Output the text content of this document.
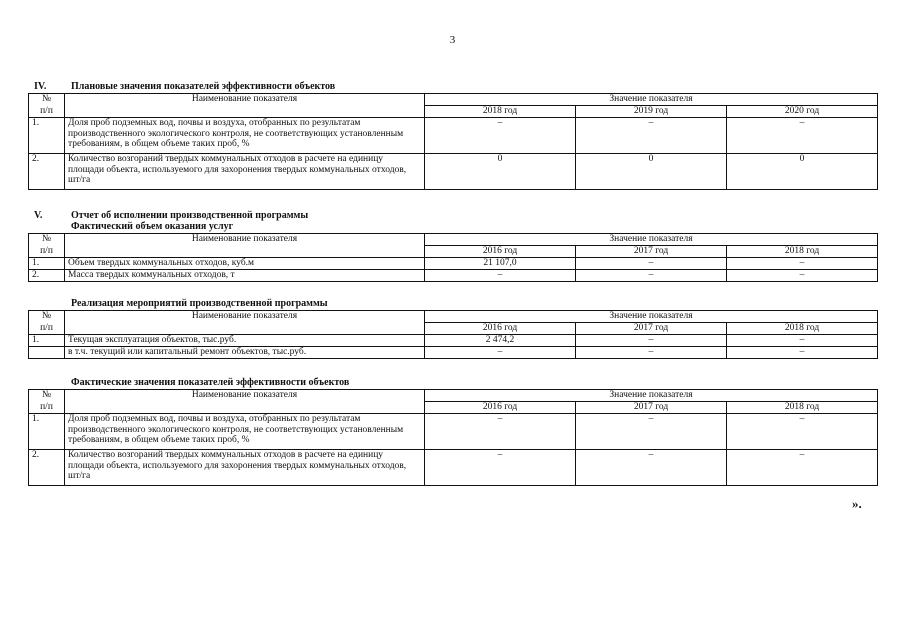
3
IV. Плановые значения показателей эффективности объектов
№	Наименование показателя	Значение показателя		
п/п		2018 год	2019 год	2020 год
1.	Доля проб подземных вод, почвы и воздуха, отобранных по результатам производственного экологического контроля, не соответствующих установленным требованиям, в общем объеме таких проб, %	–	–	–
2.	Количество возгораний твердых коммунальных отходов в расчете на единицу площади объекта, используемого для захоронения твердых коммунальных отходов, шт/га	0	0	0
V.	Отчет об исполнении производственной программы
Фактический объем оказания услуг
№	Наименование показателя	Значение показателя		
п/п		2016 год	2017 год	2018 год
1.	Объем твердых коммунальных отходов, куб.м	21 107,0	–	–
2.	Масса твердых коммунальных отходов, т	–	–	–
Реализация мероприятий производственной программы
№	Наименование показателя	Значение показателя		
п/п		2016 год	2017 год	2018 год
1.	Текущая эксплуатация объектов, тыс.руб.	2 474,2	–	–
	в т.ч. текущий или капитальный ремонт объектов, тыс.руб.	–	–	–
Фактические значения показателей эффективности объектов
№	Наименование показателя	Значение показателя		
п/п		2016 год	2017 год	2018 год
1.	Доля проб подземных вод, почвы и воздуха, отобранных по результатам производственного экологического контроля, не соответствующих установленным требованиям, в общем объеме таких проб, %	–	–	–
2.	Количество возгораний твердых коммунальных отходов в расчете на единицу площади объекта, используемого для захоронения твердых коммунальных отходов, шт/га	–	–	–
».
